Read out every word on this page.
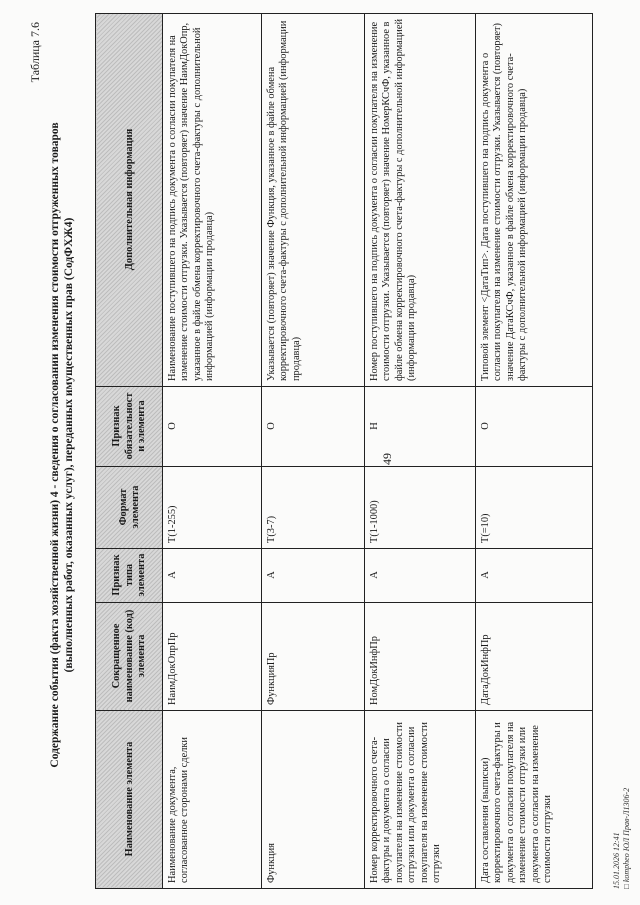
49
Таблица 7.6
Содержание события (факта хозяйственной жизни) 4 - сведения о согласовании изменения стоимости отгруженных товаров (выполненных работ, оказанных услуг), переданных имущественных прав (СодФХЖ4)
Наименование элемента	Сокращенное наименование (код) элемента	Признак типа элемента	Формат элемента	Признак обязательности элемента	Дополнительная информация
Наименование документа, согласованное сторонами сделки	НаимДокОпрПр	А	T(1-255)	О	Наименование поступившего на подпись документа о согласии покупателя на изменение стоимости отгрузки. Указывается (повторяет) значение НаимДокОпр, указанное в файле обмена корректировочного счета-фактуры с дополнительной информацией (информации продавца)
Функция	ФункцияПр	А	T(3-7)	О	Указывается (повторяет) значение Функция, указанное в файле обмена корректировочного счета-фактуры с дополнительной информацией (информации продавца)
Номер корректировочного счета-фактуры и документа о согласии покупателя на изменение стоимости отгрузки или документа о согласии покупателя на изменение стоимости отгрузки	НомДокИнфПр	А	T(1-1000)	Н	Номер поступившего на подпись документа о согласии покупателя на изменение стоимости отгрузки. Указывается (повторяет) значение НомерКСчФ, указанное в файле обмена корректировочного счета-фактуры с дополнительной информацией (информации продавца)
Дата составления (выписки) корректировочного счета-фактуры и документа о согласии покупателя на изменение стоимости отгрузки или документа о согласии на изменение стоимости отгрузки	ДатаДокИнфПр	А	T(=10)	О	Типовой элемент <ДатаТип>. Дата поступившего на подпись документа о согласии покупателя на изменение стоимости отгрузки. Указывается (повторяет) значение ДатаКСчФ, указанное в файле обмена корректировочного счета-фактуры с дополнительной информацией (информации продавца)
15.01.2026 12:41 □ kompheo ЮЛ Прав-Л1306-2
